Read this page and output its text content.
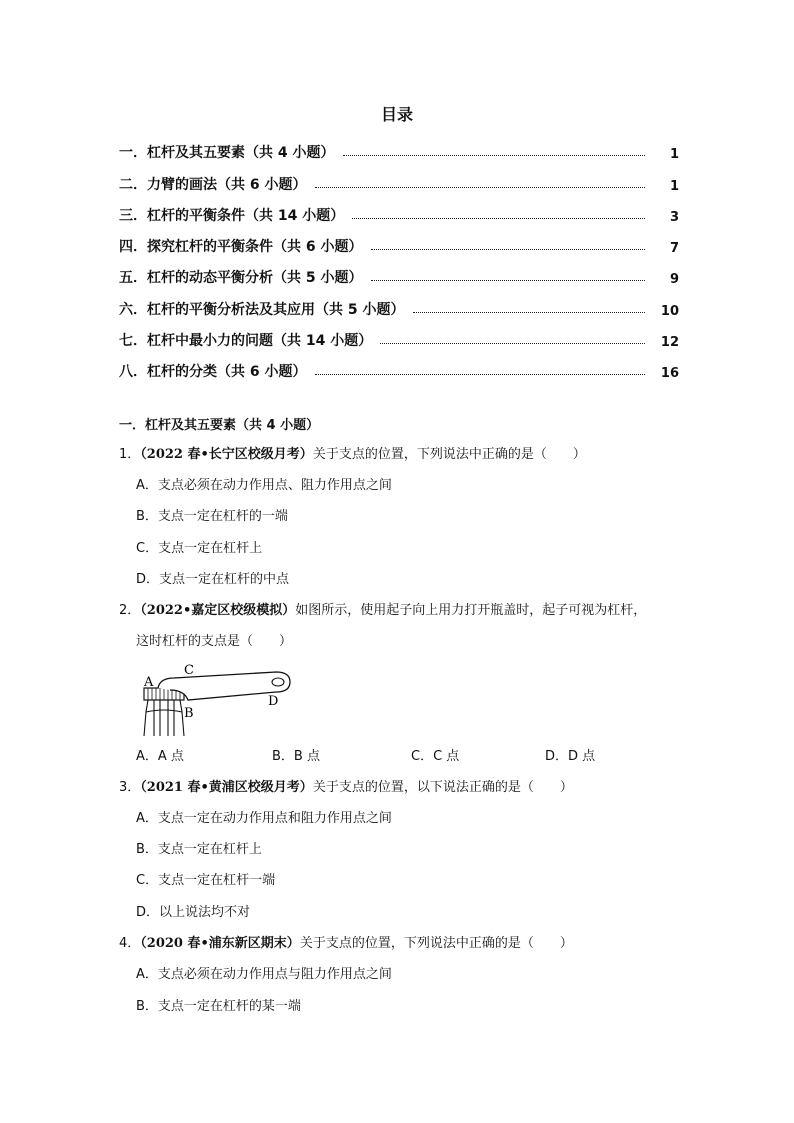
目录
一．杠杆及其五要素（共 4 小题）	1
二．力臂的画法（共 6 小题）	1
三．杠杆的平衡条件（共 14 小题）	3
四．探究杠杆的平衡条件（共 6 小题）	7
五．杠杆的动态平衡分析（共 5 小题）	9
六．杠杆的平衡分析法及其应用（共 5 小题）	10
七．杠杆中最小力的问题（共 14 小题）	12
八．杠杆的分类（共 6 小题）	16
一．杠杆及其五要素（共 4 小题）
1．（2022 春•长宁区校级月考）关于支点的位置，下列说法中正确的是（　　）
A．支点必须在动力作用点、阻力作用点之间
B．支点一定在杠杆的一端
C．支点一定在杠杆上
D．支点一定在杠杆的中点
2．（2022•嘉定区校级模拟）如图所示，使用起子向上用力打开瓶盖时，起子可视为杠杆，
这时杠杆的支点是（　　）
A
C
B
D
A．A 点	B．B 点	C．C 点	D．D 点
3．（2021 春•黄浦区校级月考）关于支点的位置，以下说法正确的是（　　）
A．支点一定在动力作用点和阻力作用点之间
B．支点一定在杠杆上
C．支点一定在杠杆一端
D．以上说法均不对
4．（2020 春•浦东新区期末）关于支点的位置，下列说法中正确的是（　　）
A．支点必须在动力作用点与阻力作用点之间
B．支点一定在杠杆的某一端
